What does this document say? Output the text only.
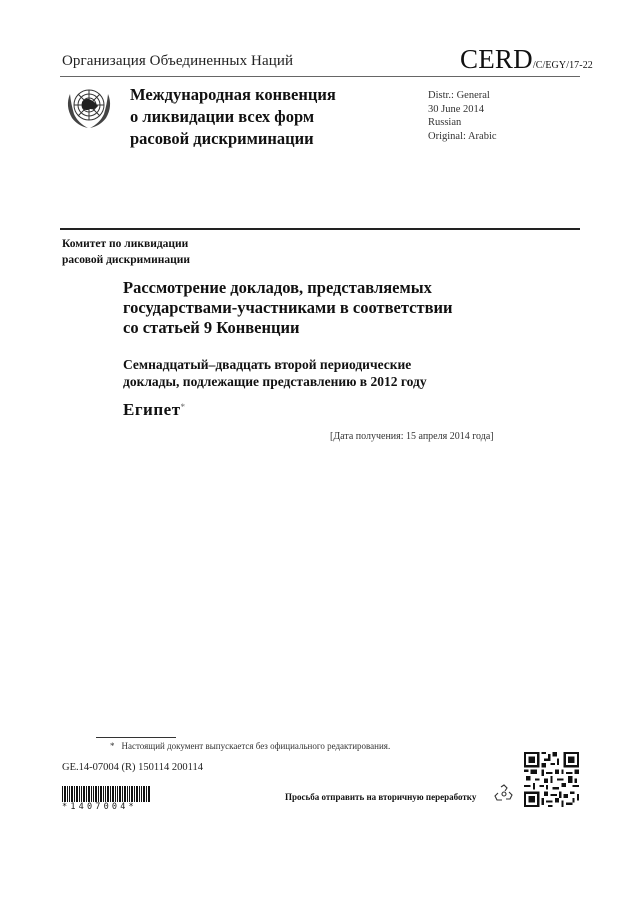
Организация Объединенных Наций	CERD/C/EGY/17-22
Международная конвенция
о ликвидации всех форм
расовой дискриминации
Distr.: General
30 June 2014
Russian
Original: Arabic
Комитет по ликвидации
расовой дискриминации
Рассмотрение докладов, представляемых
государствами-участниками в соответствии
со статьей 9 Конвенции
Семнадцатый–двадцать второй периодические
доклады, подлежащие представлению в 2012 году
Египет*
[Дата получения: 15 апреля 2014 года]
* Настоящий документ выпускается без официального редактирования.
GE.14-07004 (R) 150114 200114
*1407004*
Просьба отправить на вторичную переработку
